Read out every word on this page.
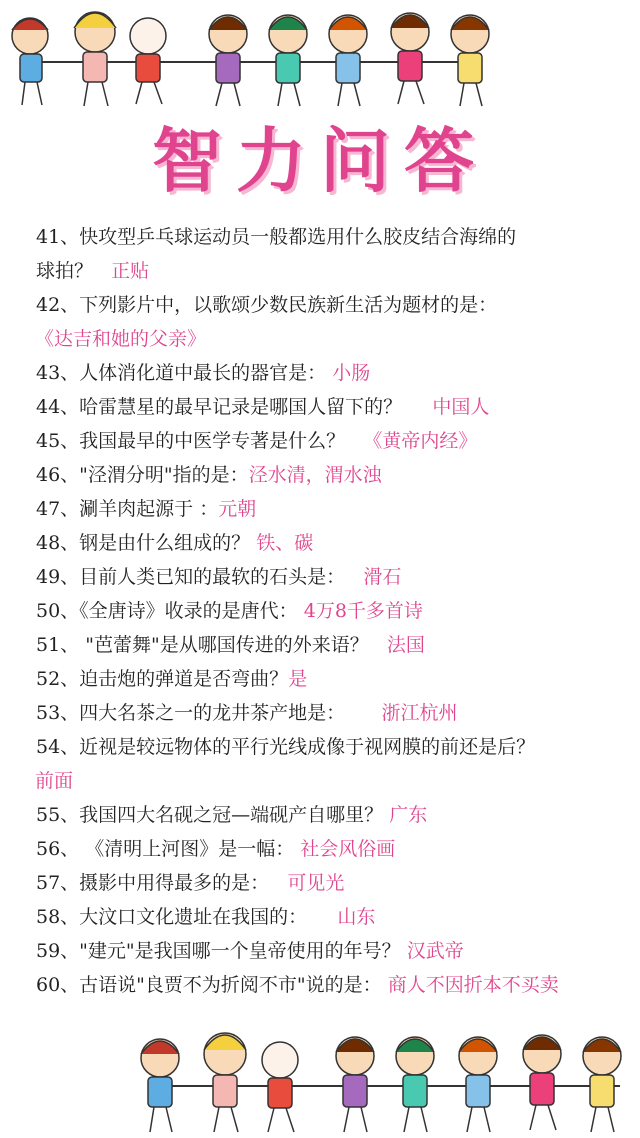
智力问答
41、快攻型乒乓球运动员一般都选用什么胶皮结合海绵的
球拍？ 正贴
42、下列影片中，以歌颂少数民族新生活为题材的是：
《达吉和她的父亲》
43、人体消化道中最长的器官是： 小肠
44、哈雷慧星的最早记录是哪国人留下的？ 中国人
45、我国最早的中医学专著是什么？ 《黄帝内经》
46、"泾渭分明"指的是：泾水清，渭水浊
47、涮羊肉起源于 ：元朝
48、钢是由什么组成的？ 铁、碳
49、目前人类已知的最软的石头是： 滑石
50、《全唐诗》收录的是唐代： 4万8千多首诗
51、 "芭蕾舞"是从哪国传进的外来语？ 法国
52、迫击炮的弹道是否弯曲？是
53、四大名茶之一的龙井茶产地是： 浙江杭州
54、近视是较远物体的平行光线成像于视网膜的前还是后？
前面
55、我国四大名砚之冠—端砚产自哪里？ 广东
56、 《清明上河图》是一幅： 社会风俗画
57、摄影中用得最多的是： 可见光
58、大汶口文化遗址在我国的： 山东
59、"建元"是我国哪一个皇帝使用的年号？ 汉武帝
60、古语说"良贾不为折阅不市"说的是： 商人不因折本不买卖
